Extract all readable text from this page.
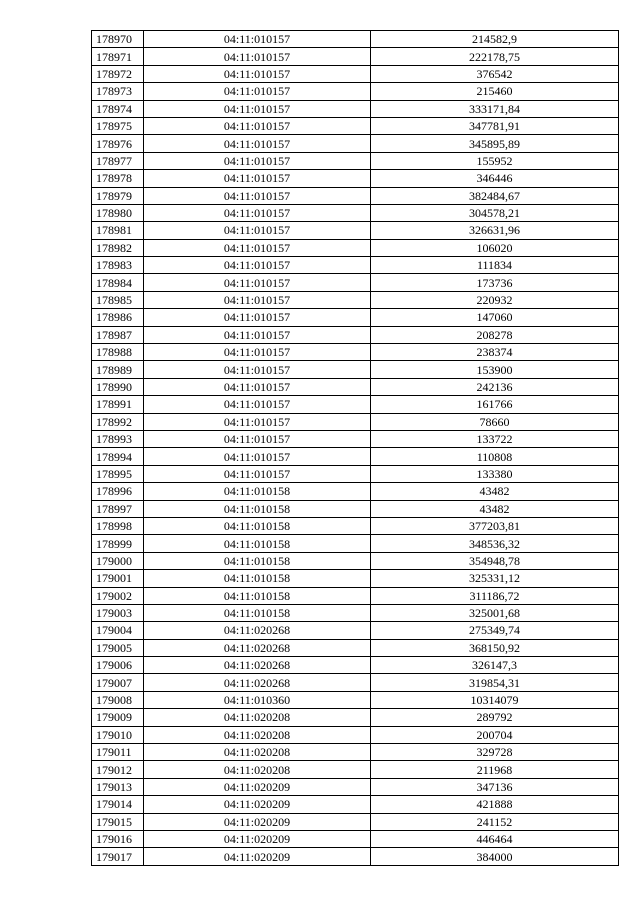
178970	04:11:010157	214582,9
178971	04:11:010157	222178,75
178972	04:11:010157	376542
178973	04:11:010157	215460
178974	04:11:010157	333171,84
178975	04:11:010157	347781,91
178976	04:11:010157	345895,89
178977	04:11:010157	155952
178978	04:11:010157	346446
178979	04:11:010157	382484,67
178980	04:11:010157	304578,21
178981	04:11:010157	326631,96
178982	04:11:010157	106020
178983	04:11:010157	111834
178984	04:11:010157	173736
178985	04:11:010157	220932
178986	04:11:010157	147060
178987	04:11:010157	208278
178988	04:11:010157	238374
178989	04:11:010157	153900
178990	04:11:010157	242136
178991	04:11:010157	161766
178992	04:11:010157	78660
178993	04:11:010157	133722
178994	04:11:010157	110808
178995	04:11:010157	133380
178996	04:11:010158	43482
178997	04:11:010158	43482
178998	04:11:010158	377203,81
178999	04:11:010158	348536,32
179000	04:11:010158	354948,78
179001	04:11:010158	325331,12
179002	04:11:010158	311186,72
179003	04:11:010158	325001,68
179004	04:11:020268	275349,74
179005	04:11:020268	368150,92
179006	04:11:020268	326147,3
179007	04:11:020268	319854,31
179008	04:11:010360	10314079
179009	04:11:020208	289792
179010	04:11:020208	200704
179011	04:11:020208	329728
179012	04:11:020208	211968
179013	04:11:020209	347136
179014	04:11:020209	421888
179015	04:11:020209	241152
179016	04:11:020209	446464
179017	04:11:020209	384000
